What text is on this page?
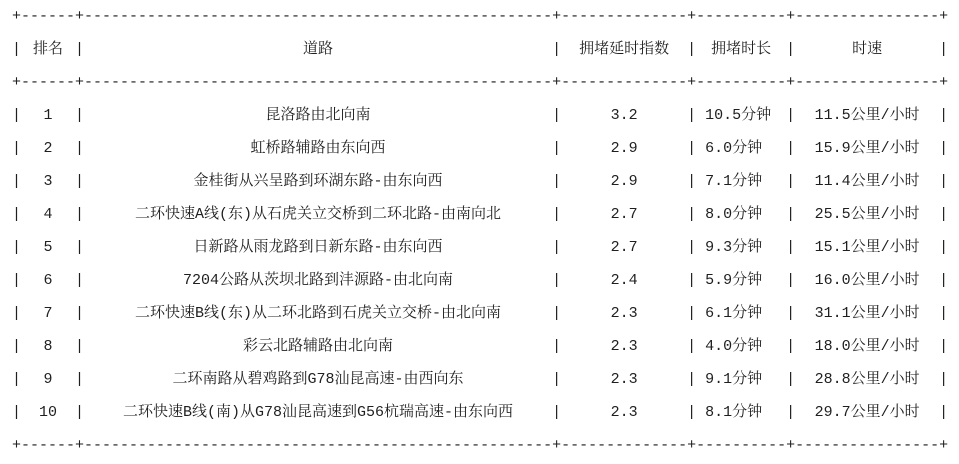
+ ------ + ---------------------------------------------------- + -------------- + ---------- + ---------------- +
| 排名 |	道路	|	拥堵延时指数	| 拥堵时长	|	时速	|
+ ------ + ---------------------------------------------------- + -------------- + ---------- + ---------------- +
|	1	|	昆洛路由北向南	|	3.2	| 10.5分钟 |	11.5公里/小时	|
|	2	|	虹桥路辅路由东向西	|	2.9	| 6.0分钟	|	15.9公里/小时	|
|	3	|	金桂街从兴呈路到环湖东路-由东向西	|	2.9	| 7.1分钟	|	11.4公里/小时	|
|	4	|	二环快速A线(东)从石虎关立交桥到二环北路-由南向北	|	2.7	| 8.0分钟	|	25.5公里/小时	|
|	5	|	日新路从雨龙路到日新东路-由东向西	|	2.7	| 9.3分钟	|	15.1公里/小时	|
|	6	|	7204公路从茨坝北路到沣源路-由北向南	|	2.4	| 5.9分钟	|	16.0公里/小时	|
|	7	|	二环快速B线(东)从二环北路到石虎关立交桥-由北向南	|	2.3	| 6.1分钟	|	31.1公里/小时	|
|	8	|	彩云北路辅路由北向南	|	2.3	| 4.0分钟	|	18.0公里/小时	|
|	9	|	二环南路从碧鸡路到G78汕昆高速-由西向东	|	2.3	| 9.1分钟	|	28.8公里/小时	|
|	10	|	二环快速B线(南)从G78汕昆高速到G56杭瑞高速-由东向西	|	2.3	| 8.1分钟	|	29.7公里/小时	|
+ ------ + ---------------------------------------------------- + -------------- + ---------- + ---------------- +
